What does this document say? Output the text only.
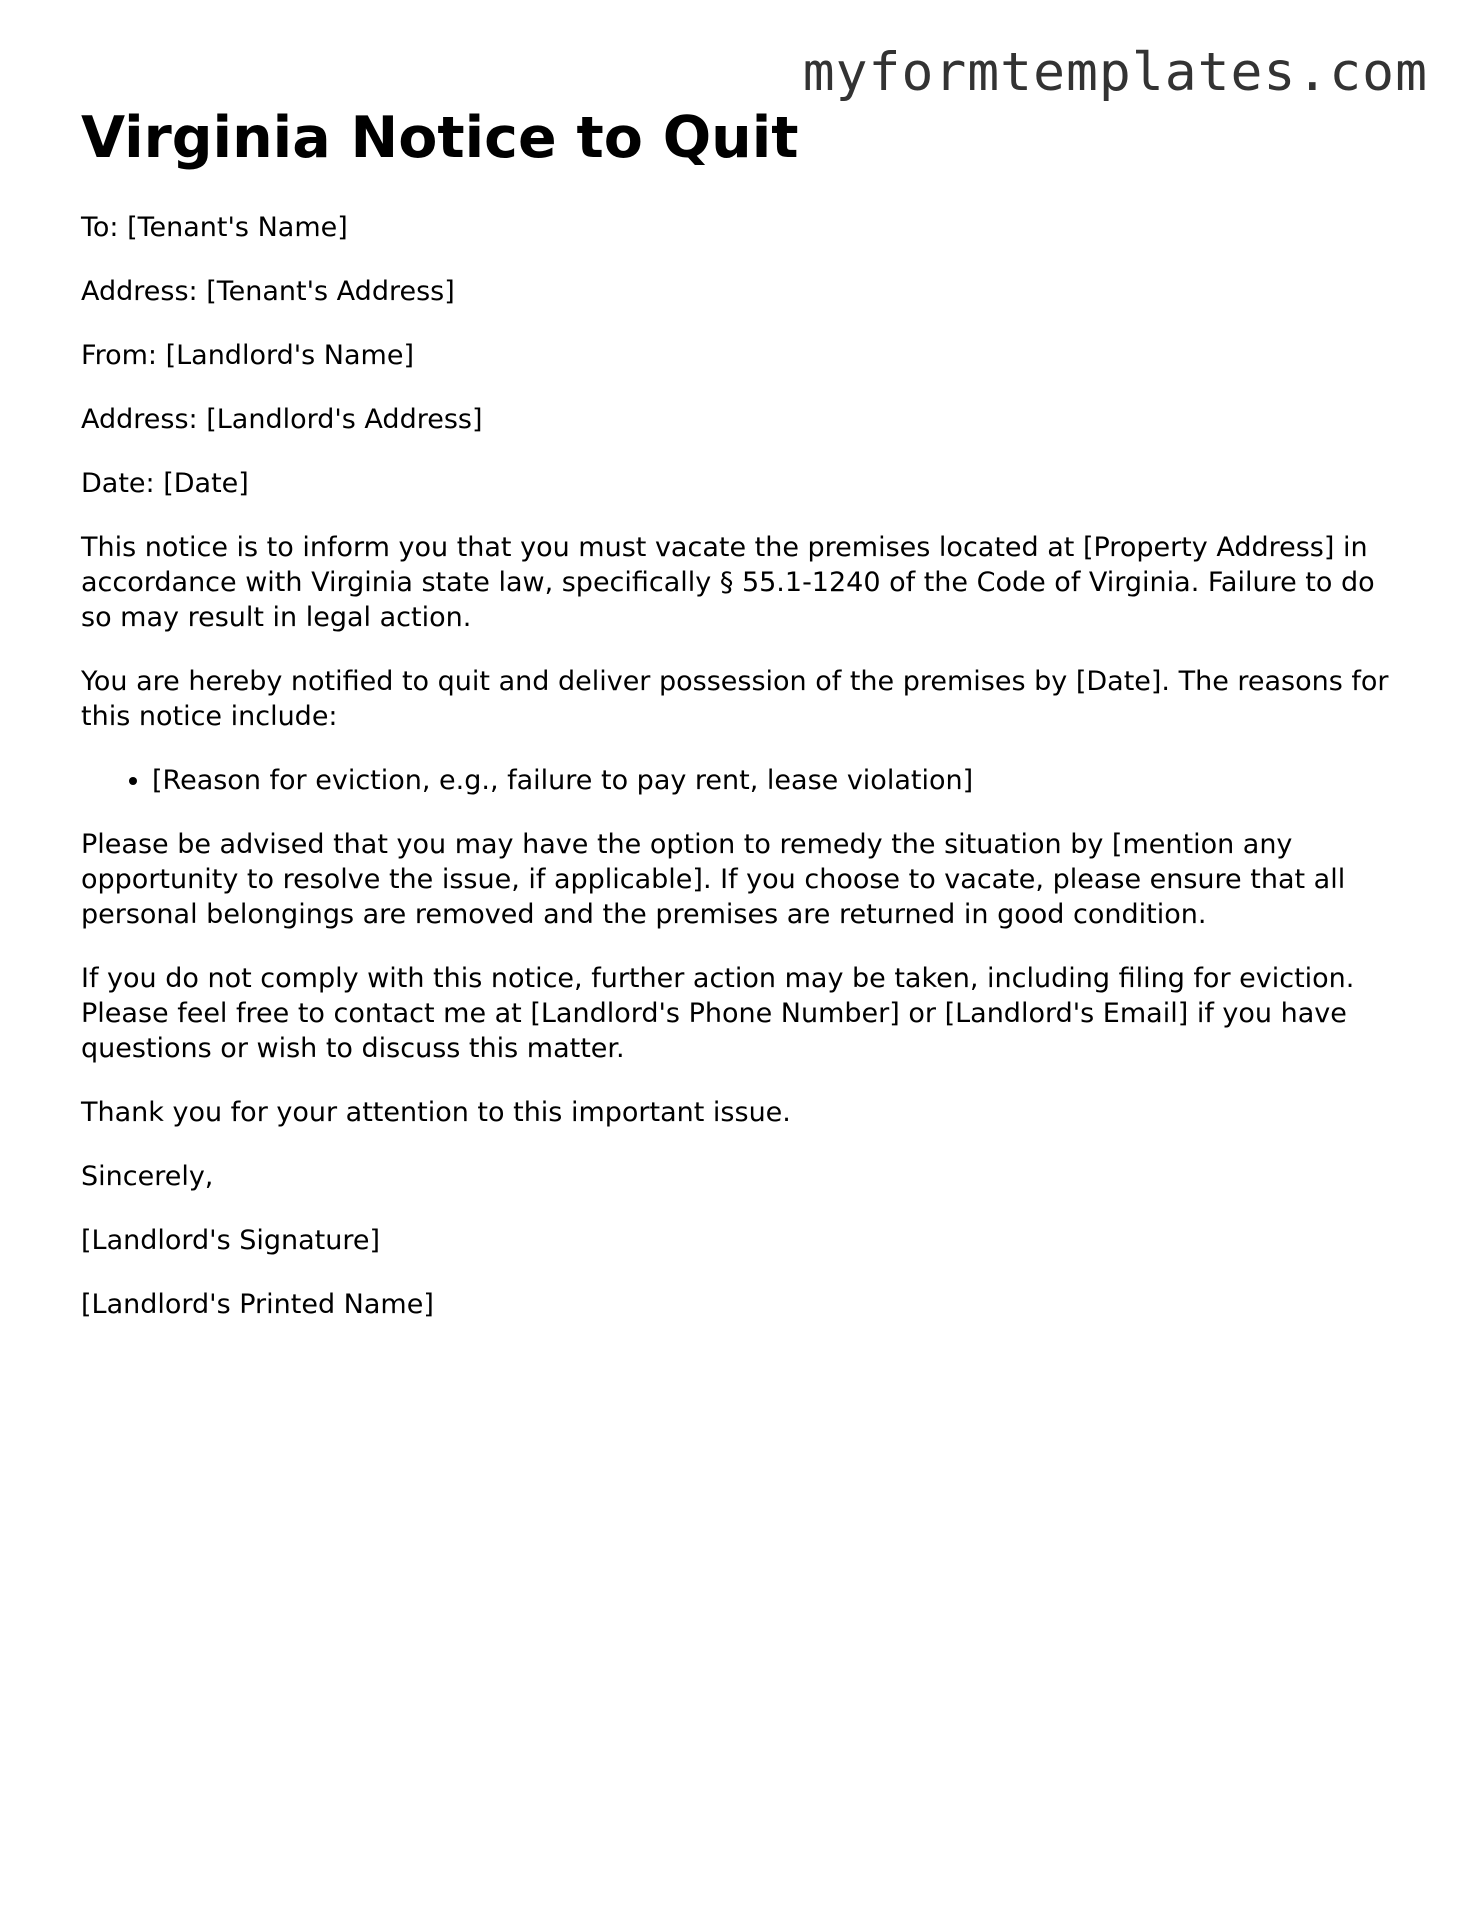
myformtemplates.com
Virginia Notice to Quit

To: [Tenant's Name]

Address: [Tenant's Address]

From: [Landlord's Name]

Address: [Landlord's Address]

Date: [Date]

This notice is to inform you that you must vacate the premises located at [Property Address] in accordance with Virginia state law, specifically § 55.1-1240 of the Code of Virginia. Failure to do so may result in legal action.

You are hereby notified to quit and deliver possession of the premises by [Date]. The reasons for this notice include:

• [Reason for eviction, e.g., failure to pay rent, lease violation]

Please be advised that you may have the option to remedy the situation by [mention any opportunity to resolve the issue, if applicable]. If you choose to vacate, please ensure that all personal belongings are removed and the premises are returned in good condition.

If you do not comply with this notice, further action may be taken, including filing for eviction. Please feel free to contact me at [Landlord's Phone Number] or [Landlord's Email] if you have questions or wish to discuss this matter.

Thank you for your attention to this important issue.

Sincerely,

[Landlord's Signature]

[Landlord's Printed Name]
